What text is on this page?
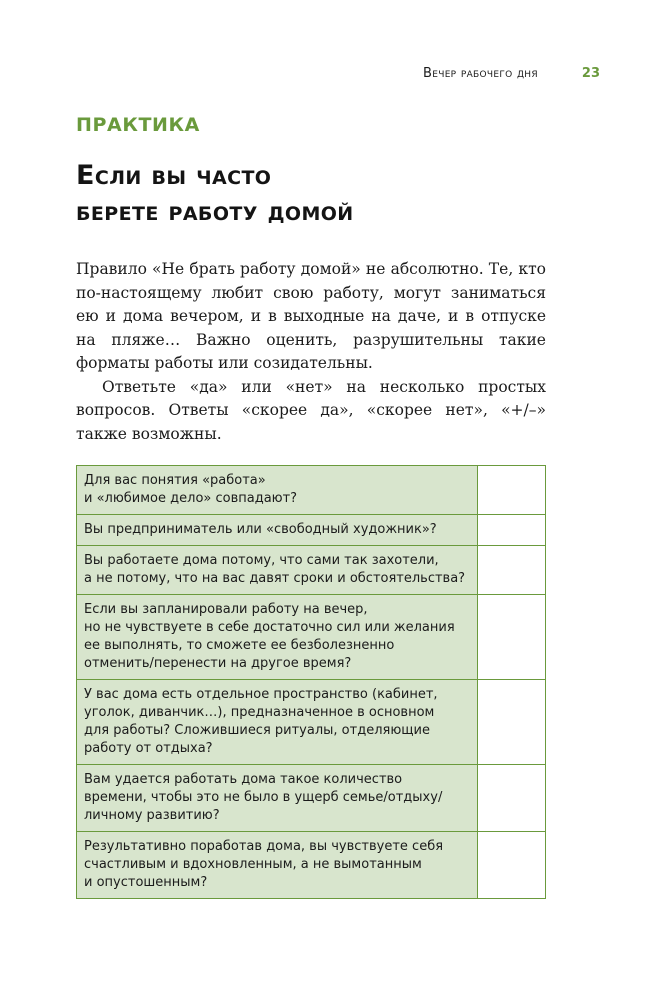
Вечер рабочего дня	23
ПРАКТИКА
Если вы часто
берете работу домой

Правило «Не брать работу домой» не абсолютно. Те, кто по-настоящему любит свою работу, могут заниматься ею и дома вечером, и в выходные на даче, и в отпуске на пляже… Важно оценить, разрушительны такие форматы работы или созидательны.

Ответьте «да» или «нет» на несколько простых вопросов. Ответы «скорее да», «скорее нет», «+/–» также возможны.

Для вас понятия «работа»
и «любимое дело» совпадают?	
Вы предприниматель или «свободный художник»?	
Вы работаете дома потому, что сами так захотели,
а не потому, что на вас давят сроки и обстоятельства?	
Если вы запланировали работу на вечер,
но не чувствуете в себе достаточно сил или желания
ее выполнять, то сможете ее безболезненно
отменить/перенести на другое время?	
У вас дома есть отдельное пространство (кабинет,
уголок, диванчик…), предназначенное в основном
для работы? Сложившиеся ритуалы, отделяющие
работу от отдыха?	
Вам удается работать дома такое количество
времени, чтобы это не было в ущерб семье/отдыху/
личному развитию?	
Результативно поработав дома, вы чувствуете себя
счастливым и вдохновленным, а не вымотанным
и опустошенным?	
